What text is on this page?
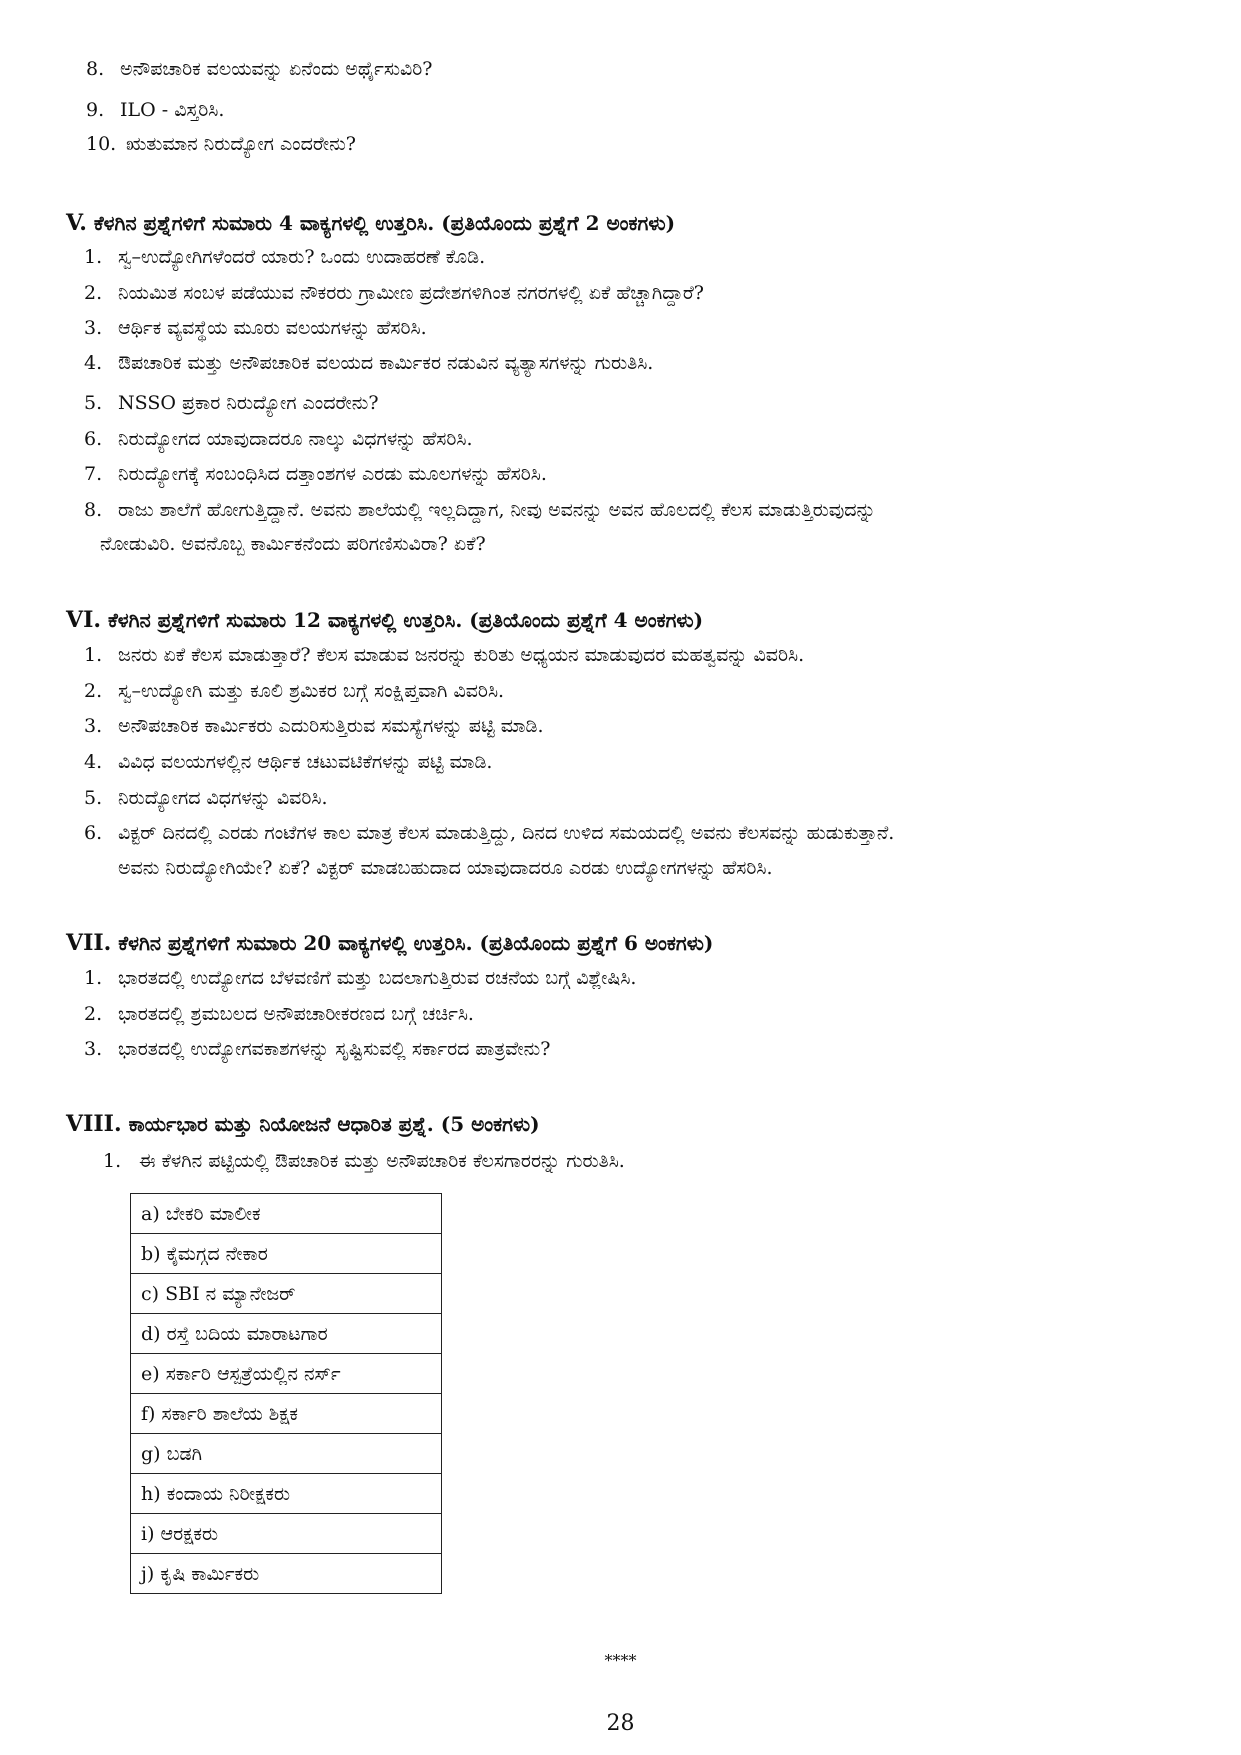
8. ಅನೌಪಚಾರಿಕ ವಲಯವನ್ನು ಏನೆಂದು ಅರ್ಥೈಸುವಿರಿ?
9. ILO - ವಿಸ್ತರಿಸಿ.
10. ಋತುಮಾನ ನಿರುದ್ಯೋಗ ಎಂದರೇನು?
V. ಕೆಳಗಿನ ಪ್ರಶ್ನೆಗಳಿಗೆ ಸುಮಾರು 4 ವಾಕ್ಯಗಳಲ್ಲಿ ಉತ್ತರಿಸಿ. (ಪ್ರತಿಯೊಂದು ಪ್ರಶ್ನೆಗೆ 2 ಅಂಕಗಳು)
1. ಸ್ವ–ಉದ್ಯೋಗಿಗಳೆಂದರೆ ಯಾರು? ಒಂದು ಉದಾಹರಣೆ ಕೊಡಿ.
2. ನಿಯಮಿತ ಸಂಬಳ ಪಡೆಯುವ ನೌಕರರು ಗ್ರಾಮೀಣ ಪ್ರದೇಶಗಳಿಗಿಂತ ನಗರಗಳಲ್ಲಿ ಏಕೆ ಹೆಚ್ಚಾಗಿದ್ದಾರೆ?
3. ಆರ್ಥಿಕ ವ್ಯವಸ್ಥೆಯ ಮೂರು ವಲಯಗಳನ್ನು ಹೆಸರಿಸಿ.
4. ಔಪಚಾರಿಕ ಮತ್ತು ಅನೌಪಚಾರಿಕ ವಲಯದ ಕಾರ್ಮಿಕರ ನಡುವಿನ ವ್ಯತ್ಯಾಸಗಳನ್ನು ಗುರುತಿಸಿ.
5. NSSO ಪ್ರಕಾರ ನಿರುದ್ಯೋಗ ಎಂದರೇನು?
6. ನಿರುದ್ಯೋಗದ ಯಾವುದಾದರೂ ನಾಲ್ಕು ವಿಧಗಳನ್ನು ಹೆಸರಿಸಿ.
7. ನಿರುದ್ಯೋಗಕ್ಕೆ ಸಂಬಂಧಿಸಿದ ದತ್ತಾಂಶಗಳ ಎರಡು ಮೂಲಗಳನ್ನು ಹೆಸರಿಸಿ.
8. ರಾಜು ಶಾಲೆಗೆ ಹೋಗುತ್ತಿದ್ದಾನೆ. ಅವನು ಶಾಲೆಯಲ್ಲಿ ಇಲ್ಲದಿದ್ದಾಗ, ನೀವು ಅವನನ್ನು ಅವನ ಹೊಲದಲ್ಲಿ ಕೆಲಸ ಮಾಡುತ್ತಿರುವುದನ್ನು
ನೋಡುವಿರಿ. ಅವನೊಬ್ಬ ಕಾರ್ಮಿಕನೆಂದು ಪರಿಗಣಿಸುವಿರಾ? ಏಕೆ?
VI. ಕೆಳಗಿನ ಪ್ರಶ್ನೆಗಳಿಗೆ ಸುಮಾರು 12 ವಾಕ್ಯಗಳಲ್ಲಿ ಉತ್ತರಿಸಿ. (ಪ್ರತಿಯೊಂದು ಪ್ರಶ್ನೆಗೆ 4 ಅಂಕಗಳು)
1. ಜನರು ಏಕೆ ಕೆಲಸ ಮಾಡುತ್ತಾರೆ? ಕೆಲಸ ಮಾಡುವ ಜನರನ್ನು ಕುರಿತು ಅಧ್ಯಯನ ಮಾಡುವುದರ ಮಹತ್ವವನ್ನು ವಿವರಿಸಿ.
2. ಸ್ವ–ಉದ್ಯೋಗಿ ಮತ್ತು ಕೂಲಿ ಶ್ರಮಿಕರ ಬಗ್ಗೆ ಸಂಕ್ಷಿಪ್ತವಾಗಿ ವಿವರಿಸಿ.
3. ಅನೌಪಚಾರಿಕ ಕಾರ್ಮಿಕರು ಎದುರಿಸುತ್ತಿರುವ ಸಮಸ್ಯೆಗಳನ್ನು ಪಟ್ಟಿ ಮಾಡಿ.
4. ವಿವಿಧ ವಲಯಗಳಲ್ಲಿನ ಆರ್ಥಿಕ ಚಟುವಟಿಕೆಗಳನ್ನು ಪಟ್ಟಿ ಮಾಡಿ.
5. ನಿರುದ್ಯೋಗದ ವಿಧಗಳನ್ನು ವಿವರಿಸಿ.
6. ವಿಕ್ಟರ್ ದಿನದಲ್ಲಿ ಎರಡು ಗಂಟೆಗಳ ಕಾಲ ಮಾತ್ರ ಕೆಲಸ ಮಾಡುತ್ತಿದ್ದು, ದಿನದ ಉಳಿದ ಸಮಯದಲ್ಲಿ ಅವನು ಕೆಲಸವನ್ನು ಹುಡುಕುತ್ತಾನೆ.
ಅವನು ನಿರುದ್ಯೋಗಿಯೇ? ಏಕೆ? ವಿಕ್ಟರ್ ಮಾಡಬಹುದಾದ ಯಾವುದಾದರೂ ಎರಡು ಉದ್ಯೋಗಗಳನ್ನು ಹೆಸರಿಸಿ.
VII. ಕೆಳಗಿನ ಪ್ರಶ್ನೆಗಳಿಗೆ ಸುಮಾರು 20 ವಾಕ್ಯಗಳಲ್ಲಿ ಉತ್ತರಿಸಿ. (ಪ್ರತಿಯೊಂದು ಪ್ರಶ್ನೆಗೆ 6 ಅಂಕಗಳು)
1. ಭಾರತದಲ್ಲಿ ಉದ್ಯೋಗದ ಬೆಳವಣಿಗೆ ಮತ್ತು ಬದಲಾಗುತ್ತಿರುವ ರಚನೆಯ ಬಗ್ಗೆ ವಿಶ್ಲೇಷಿಸಿ.
2. ಭಾರತದಲ್ಲಿ ಶ್ರಮಬಲದ ಅನೌಪಚಾರೀಕರಣದ ಬಗ್ಗೆ ಚರ್ಚಿಸಿ.
3. ಭಾರತದಲ್ಲಿ ಉದ್ಯೋಗವಕಾಶಗಳನ್ನು ಸೃಷ್ಟಿಸುವಲ್ಲಿ ಸರ್ಕಾರದ ಪಾತ್ರವೇನು?
VIII. ಕಾರ್ಯಭಾರ ಮತ್ತು ನಿಯೋಜನೆ ಆಧಾರಿತ ಪ್ರಶ್ನೆ. (5 ಅಂಕಗಳು)
1. ಈ ಕೆಳಗಿನ ಪಟ್ಟಿಯಲ್ಲಿ ಔಪಚಾರಿಕ ಮತ್ತು ಅನೌಪಚಾರಿಕ ಕೆಲಸಗಾರರನ್ನು ಗುರುತಿಸಿ.
a) ಬೇಕರಿ ಮಾಲೀಕ
b) ಕೈಮಗ್ಗದ ನೇಕಾರ
c) SBI ನ ಮ್ಯಾನೇಜರ್
d) ರಸ್ತೆ ಬದಿಯ ಮಾರಾಟಗಾರ
e) ಸರ್ಕಾರಿ ಆಸ್ಪತ್ರೆಯಲ್ಲಿನ ನರ್ಸ್
f) ಸರ್ಕಾರಿ ಶಾಲೆಯ ಶಿಕ್ಷಕ
g) ಬಡಗಿ
h) ಕಂದಾಯ ನಿರೀಕ್ಷಕರು
i) ಆರಕ್ಷಕರು
j) ಕೃಷಿ ಕಾರ್ಮಿಕರು
****
28
